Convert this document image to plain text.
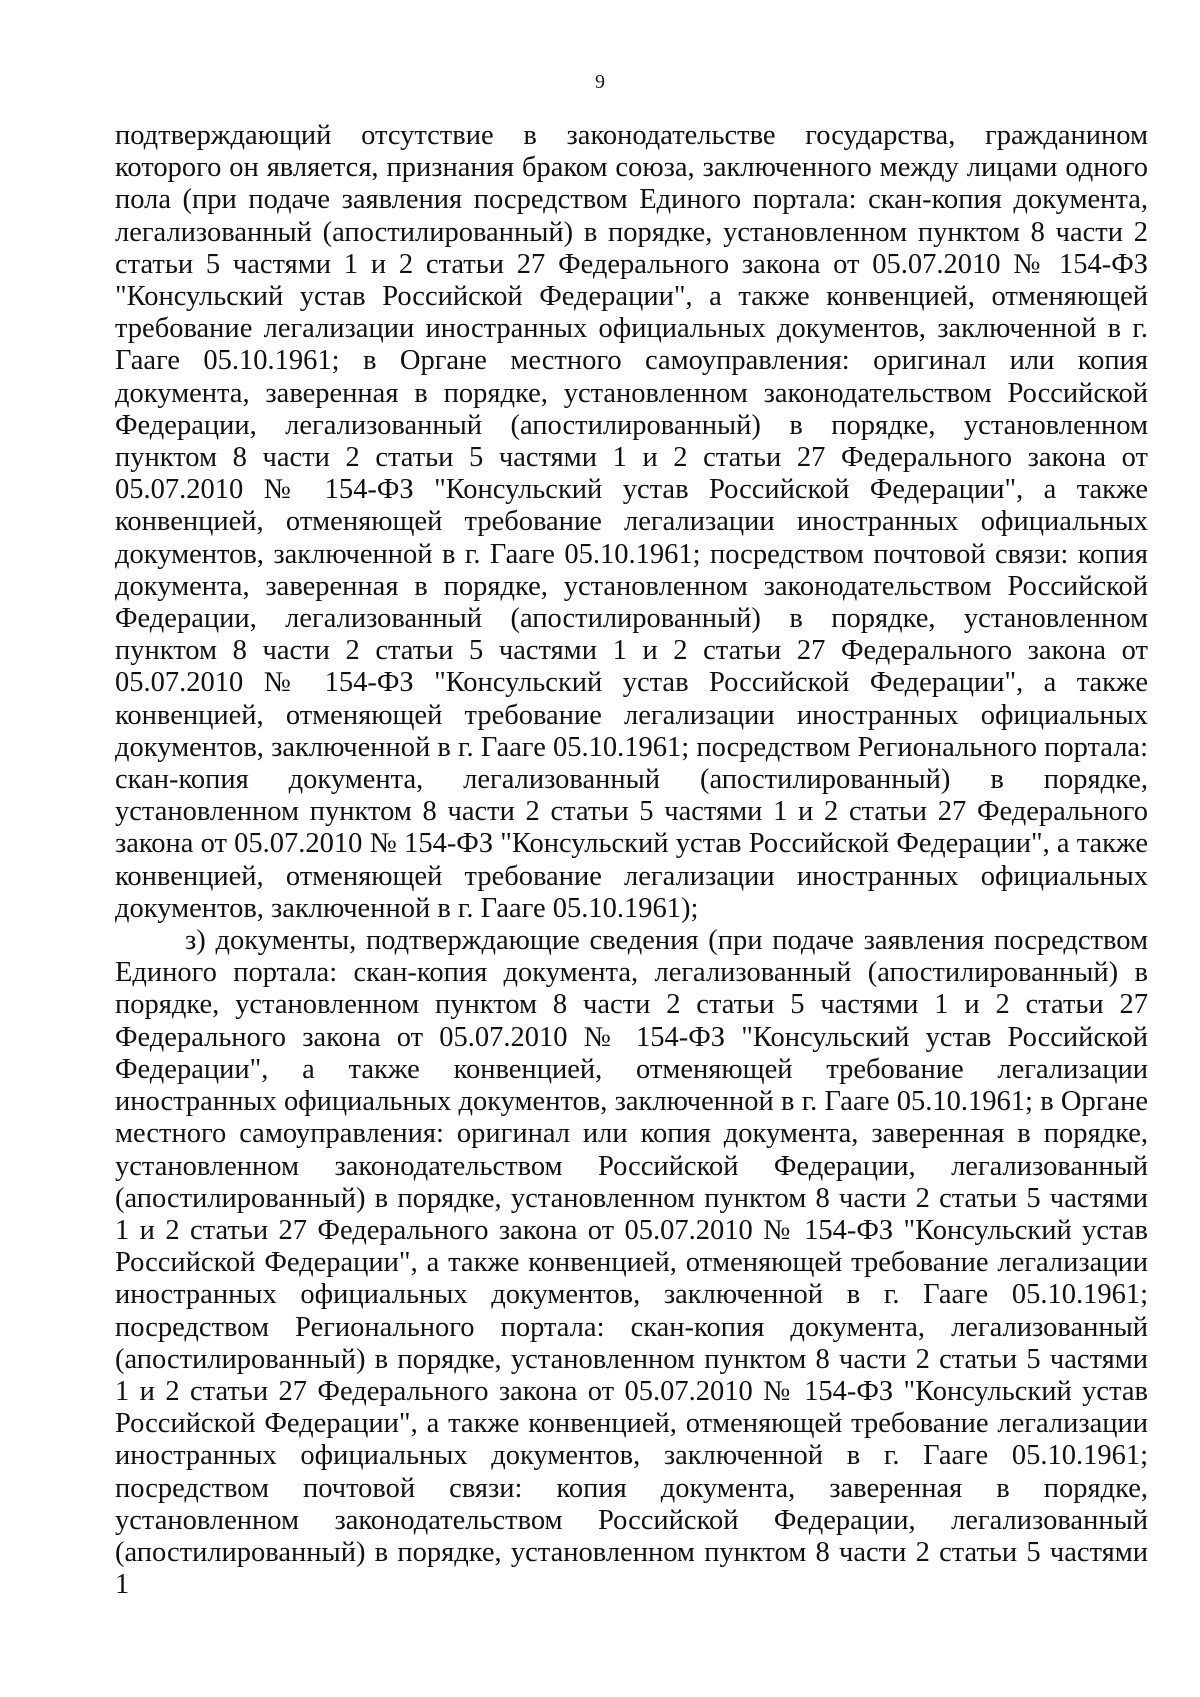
9

подтверждающий отсутствие в законодательстве государства, гражданином которого он является, признания браком союза, заключенного между лицами одного пола (при подаче заявления посредством Единого портала: скан-копия документа, легализованный (апостилированный) в порядке, установленном пунктом 8 части 2 статьи 5 частями 1 и 2 статьи 27 Федерального закона от 05.07.2010 № 154-ФЗ "Консульский устав Российской Федерации", а также конвенцией, отменяющей требование легализации иностранных официальных документов, заключенной в г. Гааге 05.10.1961; в Органе местного самоуправления: оригинал или копия документа, заверенная в порядке, установленном законодательством Российской Федерации, легализованный (апостилированный) в порядке, установленном пунктом 8 части 2 статьи 5 частями 1 и 2 статьи 27 Федерального закона от 05.07.2010 № 154-ФЗ "Консульский устав Российской Федерации", а также конвенцией, отменяющей требование легализации иностранных официальных документов, заключенной в г. Гааге 05.10.1961; посредством почтовой связи: копия документа, заверенная в порядке, установленном законодательством Российской Федерации, легализованный (апостилированный) в порядке, установленном пунктом 8 части 2 статьи 5 частями 1 и 2 статьи 27 Федерального закона от 05.07.2010 № 154-ФЗ "Консульский устав Российской Федерации", а также конвенцией, отменяющей требование легализации иностранных официальных документов, заключенной в г. Гааге 05.10.1961; посредством Регионального портала: скан-копия документа, легализованный (апостилированный) в порядке, установленном пунктом 8 части 2 статьи 5 частями 1 и 2 статьи 27 Федерального закона от 05.07.2010 № 154-ФЗ "Консульский устав Российской Федерации", а также конвенцией, отменяющей требование легализации иностранных официальных документов, заключенной в г. Гааге 05.10.1961);

з) документы, подтверждающие сведения (при подаче заявления посредством Единого портала: скан-копия документа, легализованный (апостилированный) в порядке, установленном пунктом 8 части 2 статьи 5 частями 1 и 2 статьи 27 Федерального закона от 05.07.2010 № 154-ФЗ "Консульский устав Российской Федерации", а также конвенцией, отменяющей требование легализации иностранных официальных документов, заключенной в г. Гааге 05.10.1961; в Органе местного самоуправления: оригинал или копия документа, заверенная в порядке, установленном законодательством Российской Федерации, легализованный (апостилированный) в порядке, установленном пунктом 8 части 2 статьи 5 частями 1 и 2 статьи 27 Федерального закона от 05.07.2010 № 154-ФЗ "Консульский устав Российской Федерации", а также конвенцией, отменяющей требование легализации иностранных официальных документов, заключенной в г. Гааге 05.10.1961; посредством Регионального портала: скан-копия документа, легализованный (апостилированный) в порядке, установленном пунктом 8 части 2 статьи 5 частями 1 и 2 статьи 27 Федерального закона от 05.07.2010 № 154-ФЗ "Консульский устав Российской Федерации", а также конвенцией, отменяющей требование легализации иностранных официальных документов, заключенной в г. Гааге 05.10.1961; посредством почтовой связи: копия документа, заверенная в порядке, установленном законодательством Российской Федерации, легализованный (апостилированный) в порядке, установленном пунктом 8 части 2 статьи 5 частями 1
